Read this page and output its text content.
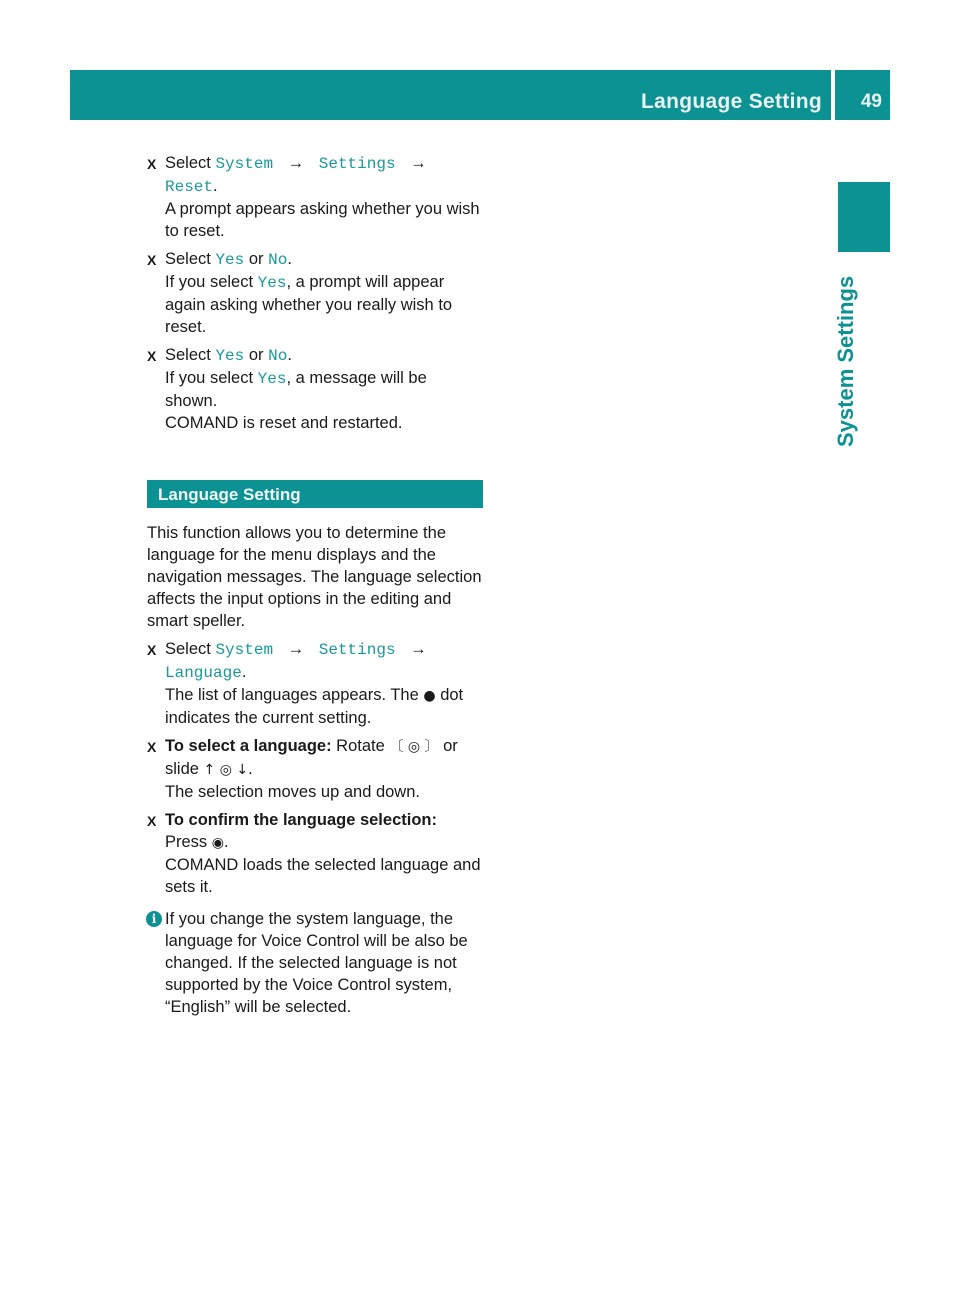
Language Setting 49
System Settings
X Select System → Settings → Reset.
A prompt appears asking whether you wish to reset.
X Select Yes or No.
If you select Yes, a prompt will appear again asking whether you really wish to reset.
X Select Yes or No.
If you select Yes, a message will be shown.
COMAND is reset and restarted.
Language Setting
This function allows you to determine the language for the menu displays and the navigation messages. The language selection affects the input options in the editing and smart speller.
X Select System → Settings →
Language.
The list of languages appears. The ● dot indicates the current setting.
X To select a language: Rotate 〔 ◎ 〕 or
slide ↑ ◎ ↓.
The selection moves up and down.
X To confirm the language selection:
Press ◉.
COMAND loads the selected language and sets it.
i If you change the system language, the language for Voice Control will be also be changed. If the selected language is not supported by the Voice Control system, “English” will be selected.
